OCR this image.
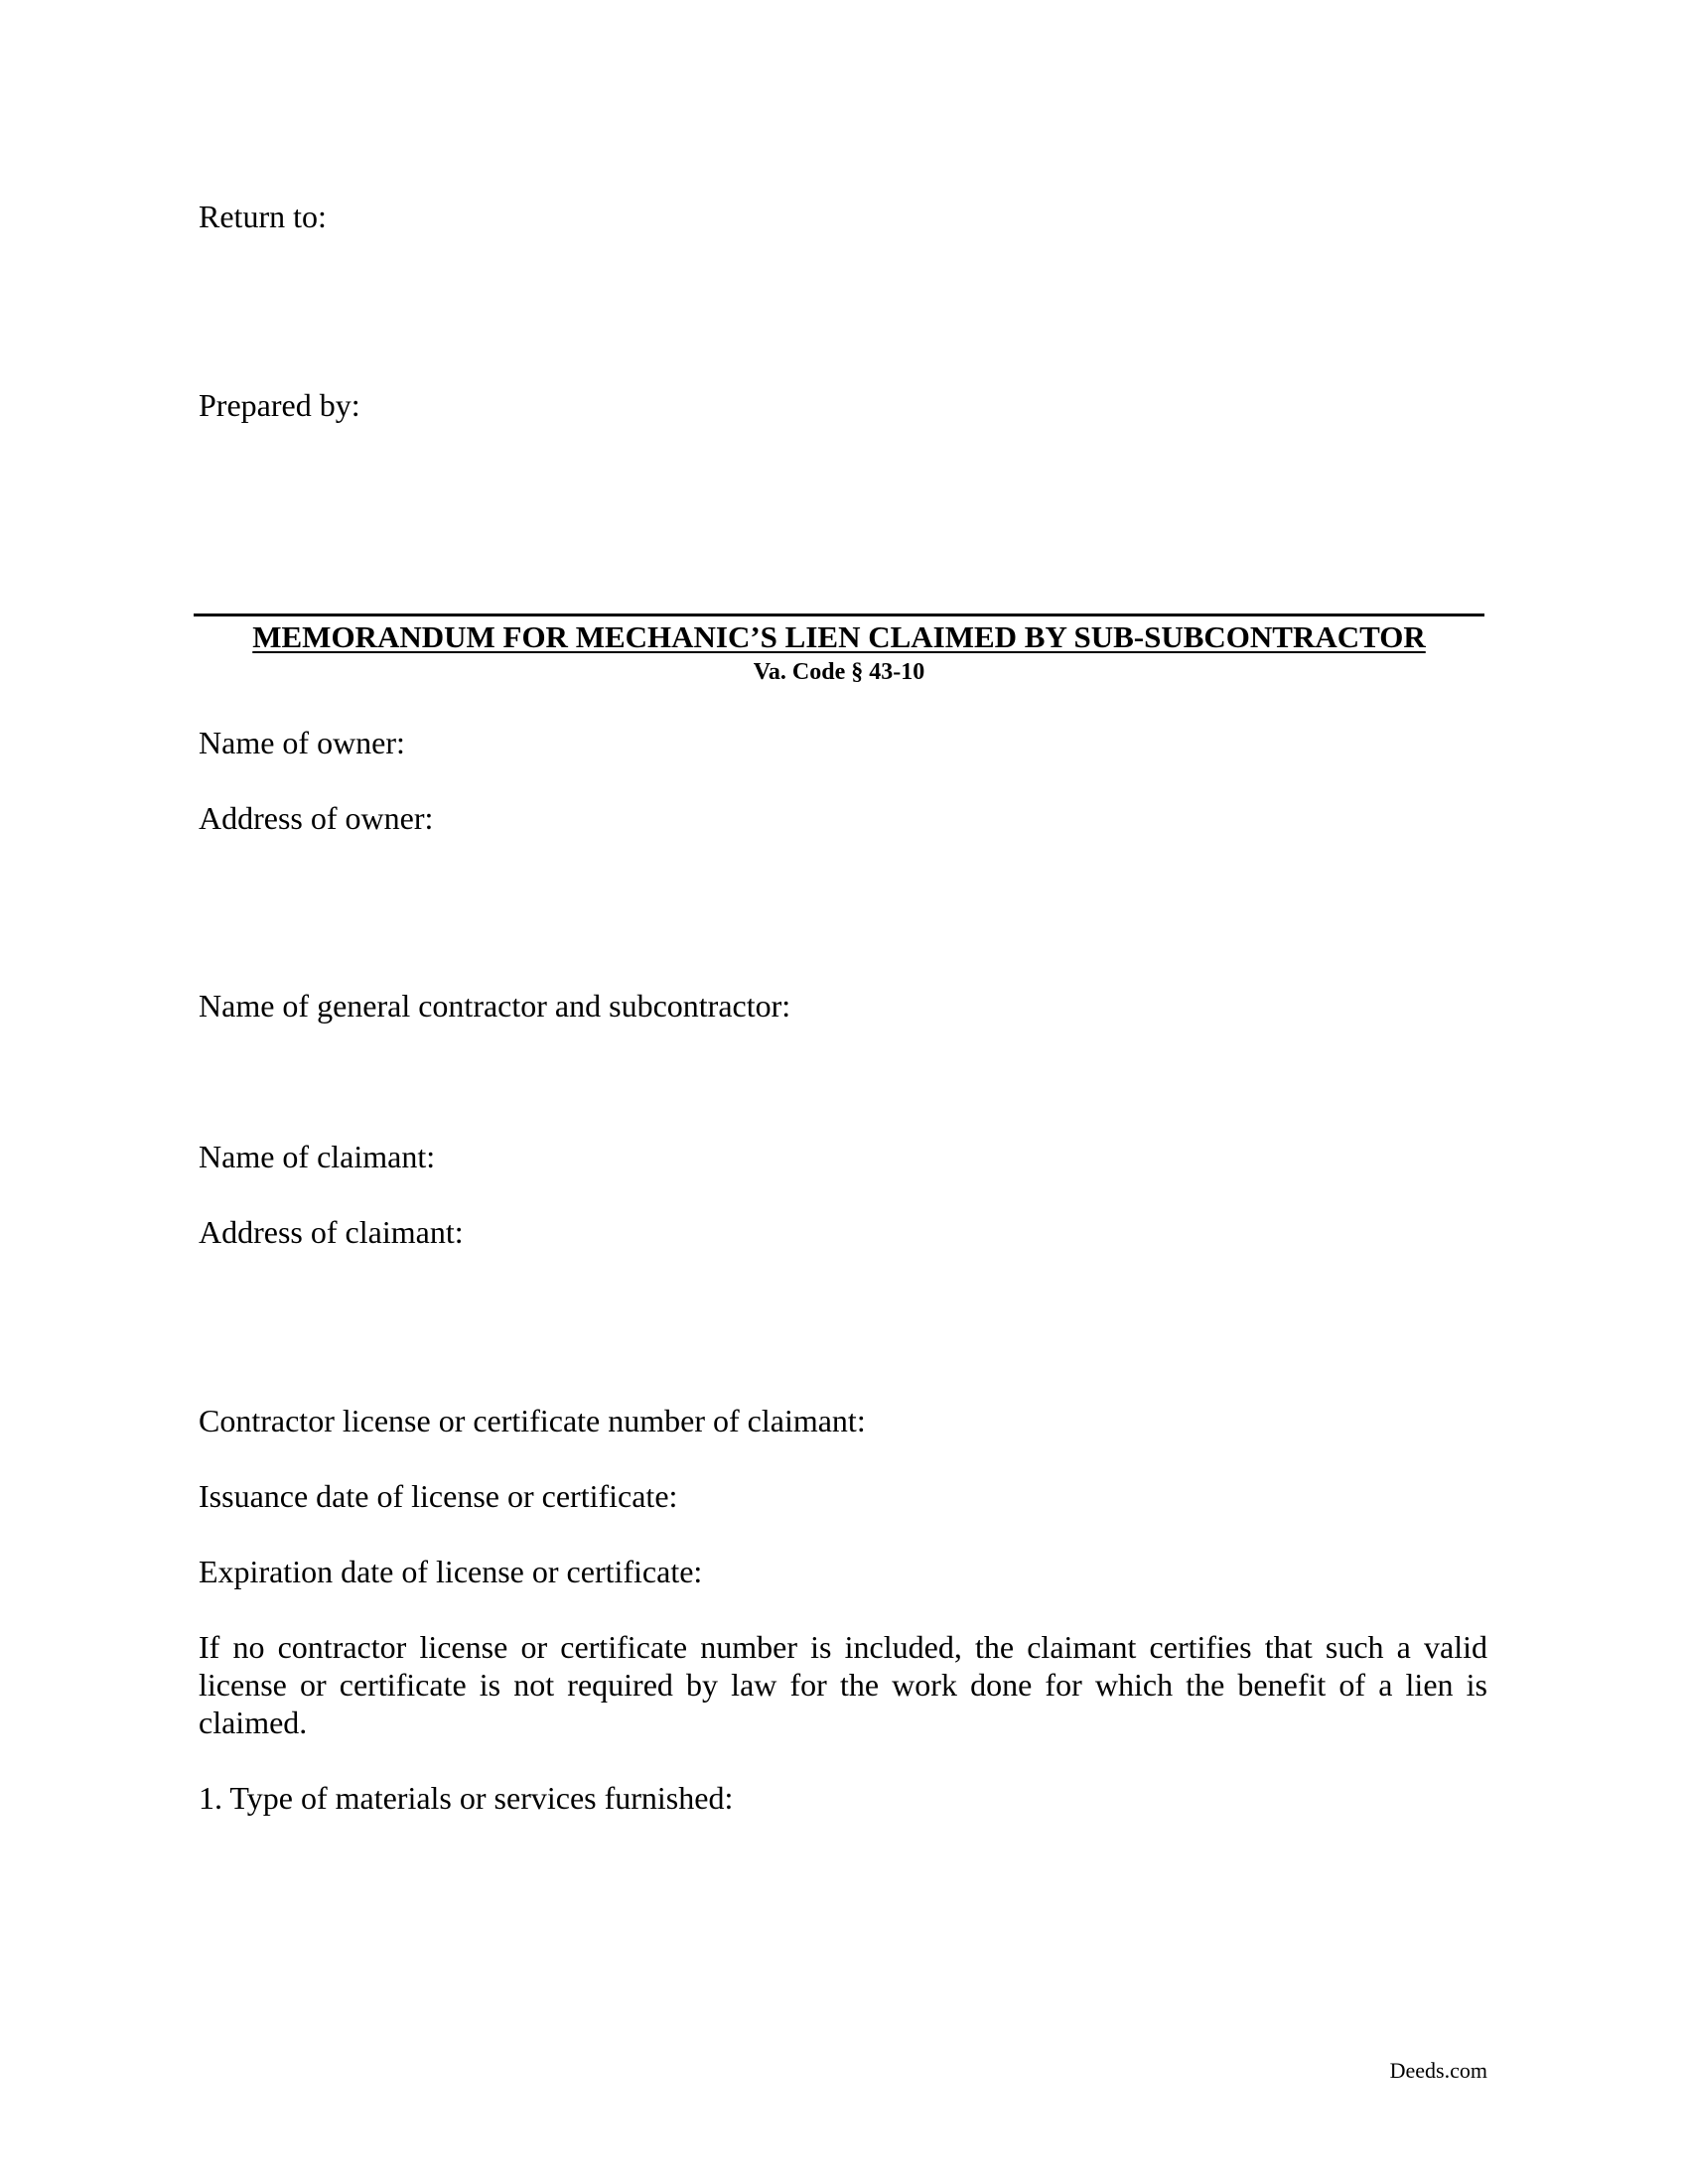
Return to:
Prepared by:
MEMORANDUM FOR MECHANIC’S LIEN CLAIMED BY SUB-SUBCONTRACTOR
Va. Code § 43-10
Name of owner:
Address of owner:
Name of general contractor and subcontractor:
Name of claimant:
Address of claimant:
Contractor license or certificate number of claimant:
Issuance date of license or certificate:
Expiration date of license or certificate:
If no contractor license or certificate number is included, the claimant certifies that such a valid license or certificate is not required by law for the work done for which the benefit of a lien is claimed.
1. Type of materials or services furnished:
Deeds.com
